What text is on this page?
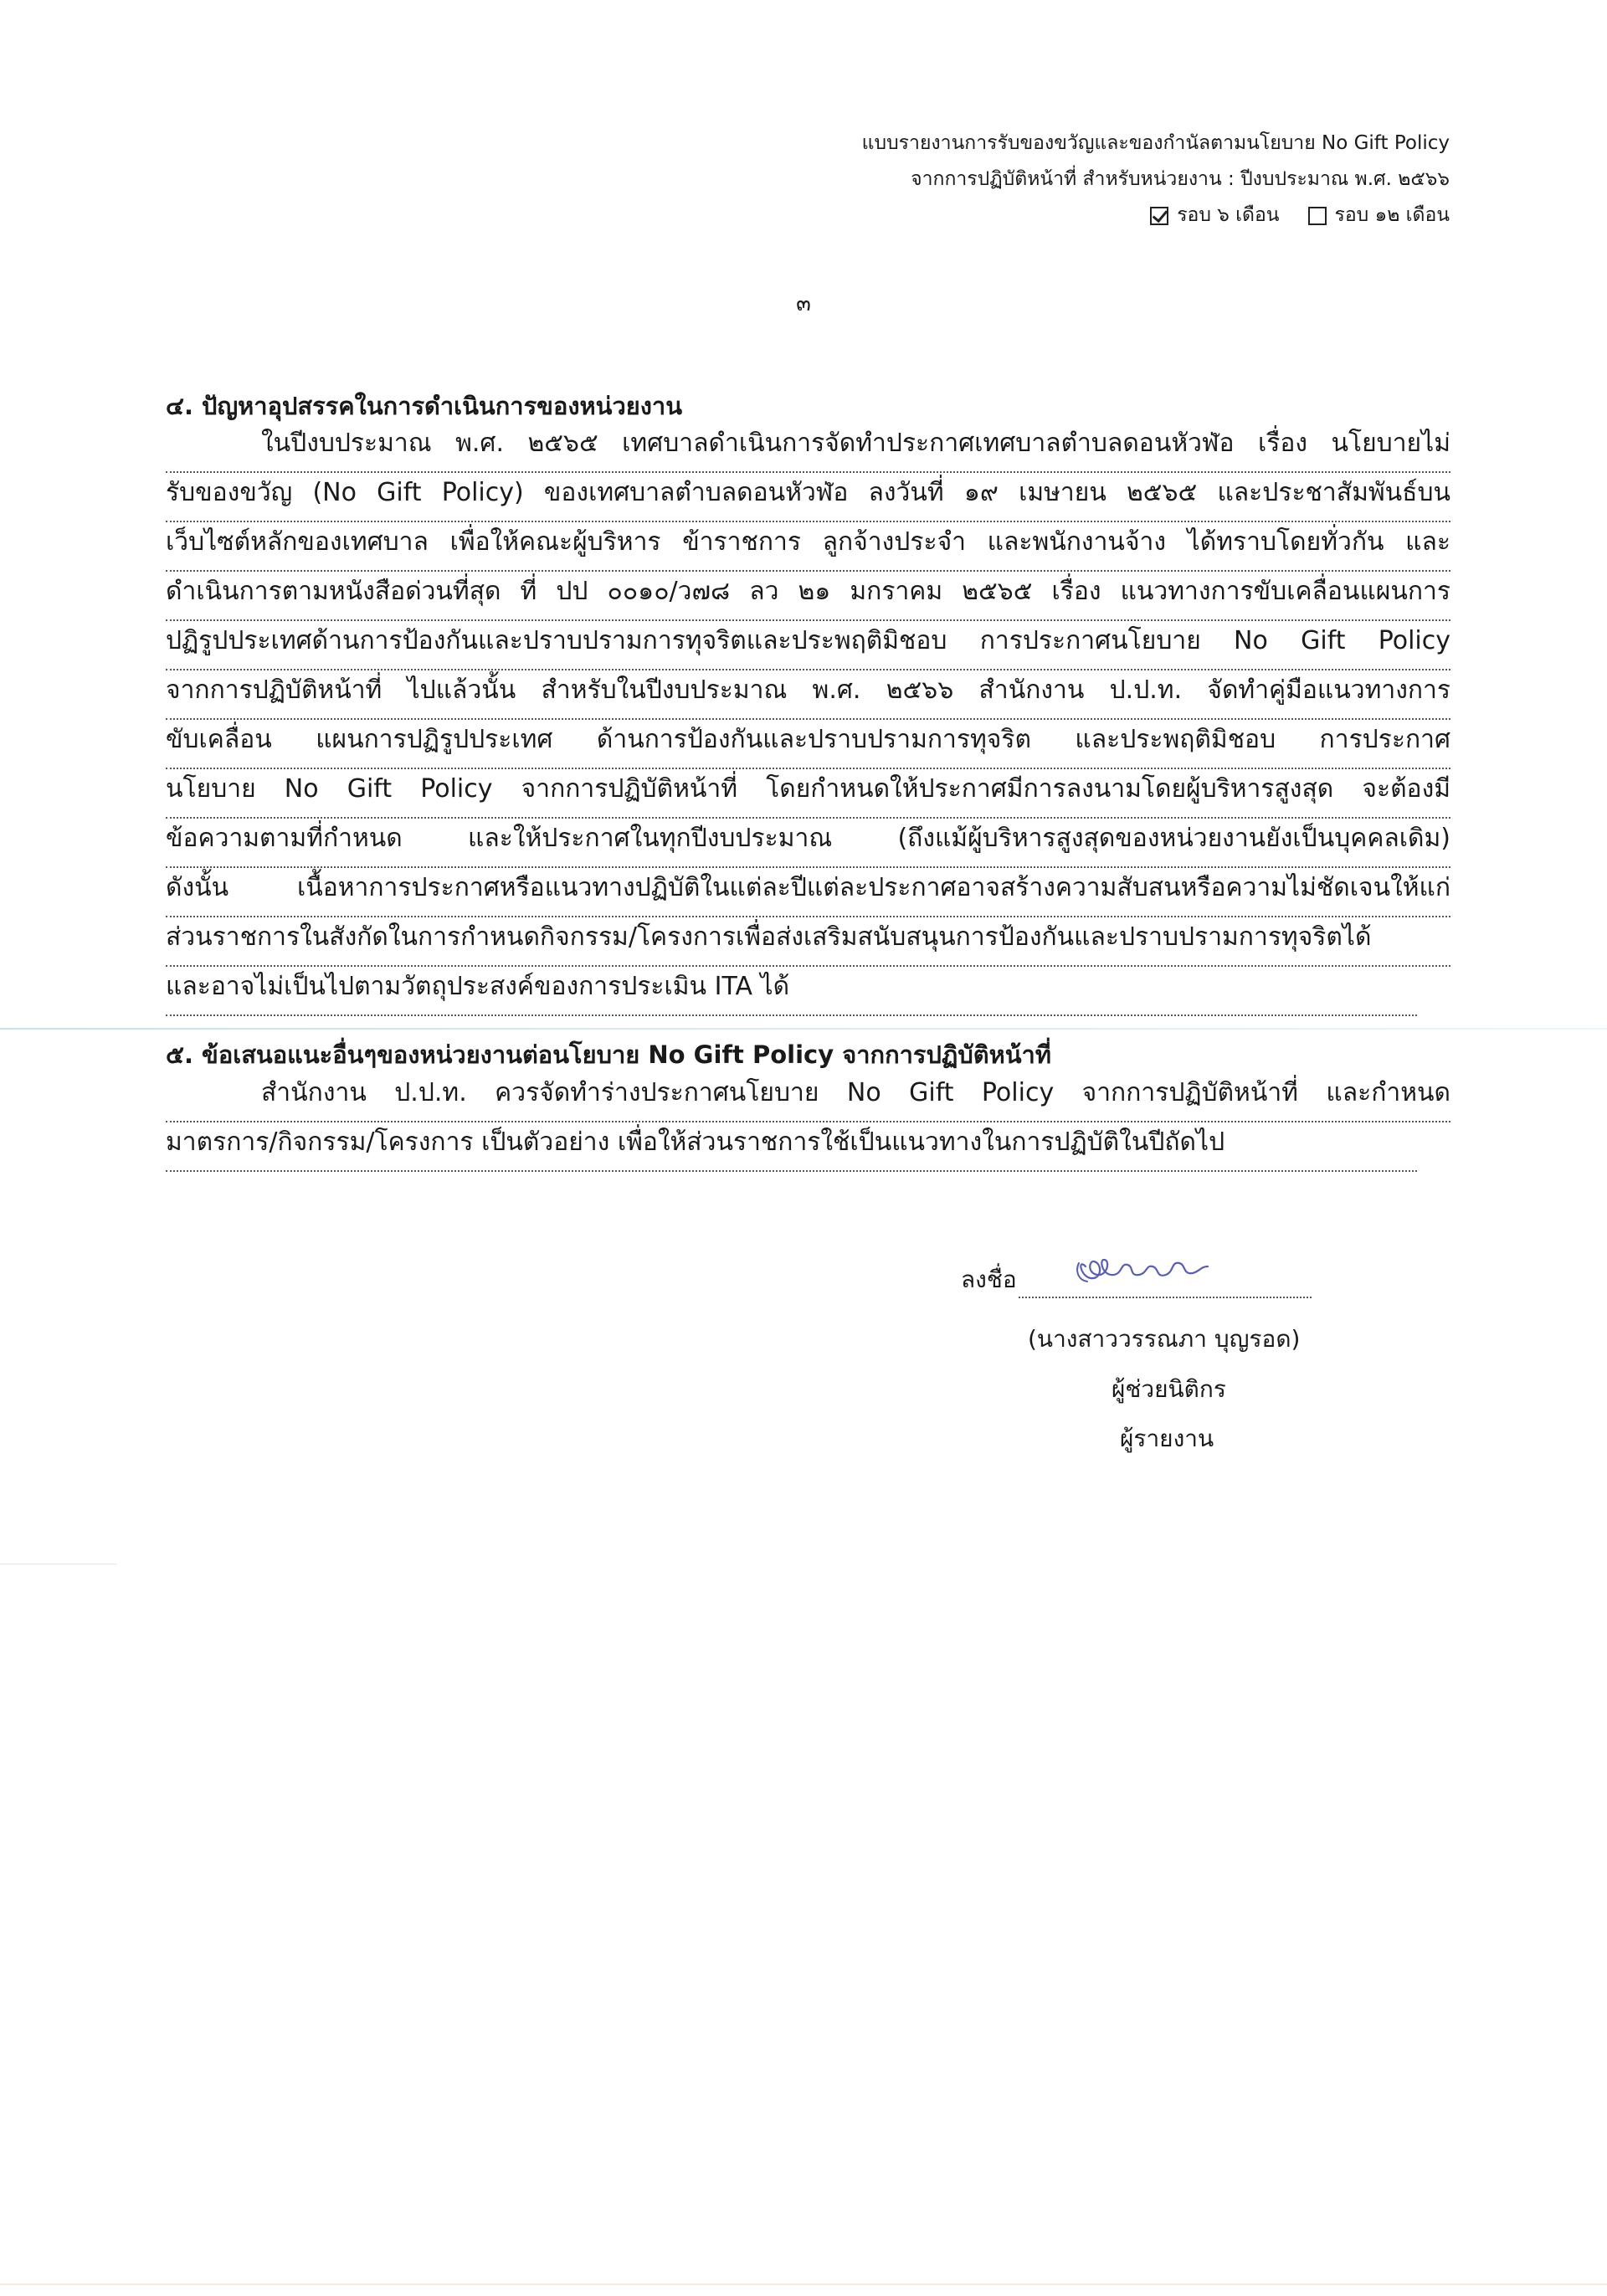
แบบรายงานการรับของขวัญและของกำนัลตามนโยบาย No Gift Policy
จากการปฏิบัติหน้าที่ สำหรับหน่วยงาน : ปีงบประมาณ พ.ศ. ๒๕๖๖
รอบ ๖ เดือน	รอบ ๑๒ เดือน
๓
๔. ปัญหาอุปสรรคในการดำเนินการของหน่วยงาน
ในปีงบประมาณ พ.ศ. ๒๕๖๕ เทศบาลดำเนินการจัดทำประกาศเทศบาลตำบลดอนหัวฬ่อ เรื่อง นโยบายไม่
รับของขวัญ (No Gift Policy) ของเทศบาลตำบลดอนหัวฬ่อ ลงวันที่ ๑๙ เมษายน ๒๕๖๕ และประชาสัมพันธ์บน
เว็บไซต์หลักของเทศบาล เพื่อให้คณะผู้บริหาร ข้าราชการ ลูกจ้างประจำ และพนักงานจ้าง ได้ทราบโดยทั่วกัน และ
ดำเนินการตามหนังสือด่วนที่สุด ที่ ปป ๐๐๑๐/ว๗๘ ลว ๒๑ มกราคม ๒๕๖๕ เรื่อง แนวทางการขับเคลื่อนแผนการ
ปฏิรูปประเทศด้านการป้องกันและปราบปรามการทุจริตและประพฤติมิชอบ การประกาศนโยบาย No Gift Policy
จากการปฏิบัติหน้าที่ ไปแล้วนั้น สำหรับในปีงบประมาณ พ.ศ. ๒๕๖๖ สำนักงาน ป.ป.ท. จัดทำคู่มือแนวทางการ
ขับเคลื่อน แผนการปฏิรูปประเทศ ด้านการป้องกันและปราบปรามการทุจริต และประพฤติมิชอบ การประกาศ
นโยบาย No Gift Policy จากการปฏิบัติหน้าที่ โดยกำหนดให้ประกาศมีการลงนามโดยผู้บริหารสูงสุด จะต้องมี
ข้อความตามที่กำหนด และให้ประกาศในทุกปีงบประมาณ (ถึงแม้ผู้บริหารสูงสุดของหน่วยงานยังเป็นบุคคลเดิม)
ดังนั้น เนื้อหาการประกาศหรือแนวทางปฏิบัติในแต่ละปีแต่ละประกาศอาจสร้างความสับสนหรือความไม่ชัดเจนให้แก่
ส่วนราชการในสังกัดในการกำหนดกิจกรรม/โครงการเพื่อส่งเสริมสนับสนุนการป้องกันและปราบปรามการทุจริตได้
และอาจไม่เป็นไปตามวัตถุประสงค์ของการประเมิน ITA ได้
๕. ข้อเสนอแนะอื่นๆของหน่วยงานต่อนโยบาย No Gift Policy จากการปฏิบัติหน้าที่
สำนักงาน ป.ป.ท. ควรจัดทำร่างประกาศนโยบาย No Gift Policy จากการปฏิบัติหน้าที่ และกำหนด
มาตรการ/กิจกรรม/โครงการ เป็นตัวอย่าง เพื่อให้ส่วนราชการใช้เป็นแนวทางในการปฏิบัติในปีถัดไป
ลงชื่อ
(นางสาววรรณภา บุญรอด)
ผู้ช่วยนิติกร
ผู้รายงาน
